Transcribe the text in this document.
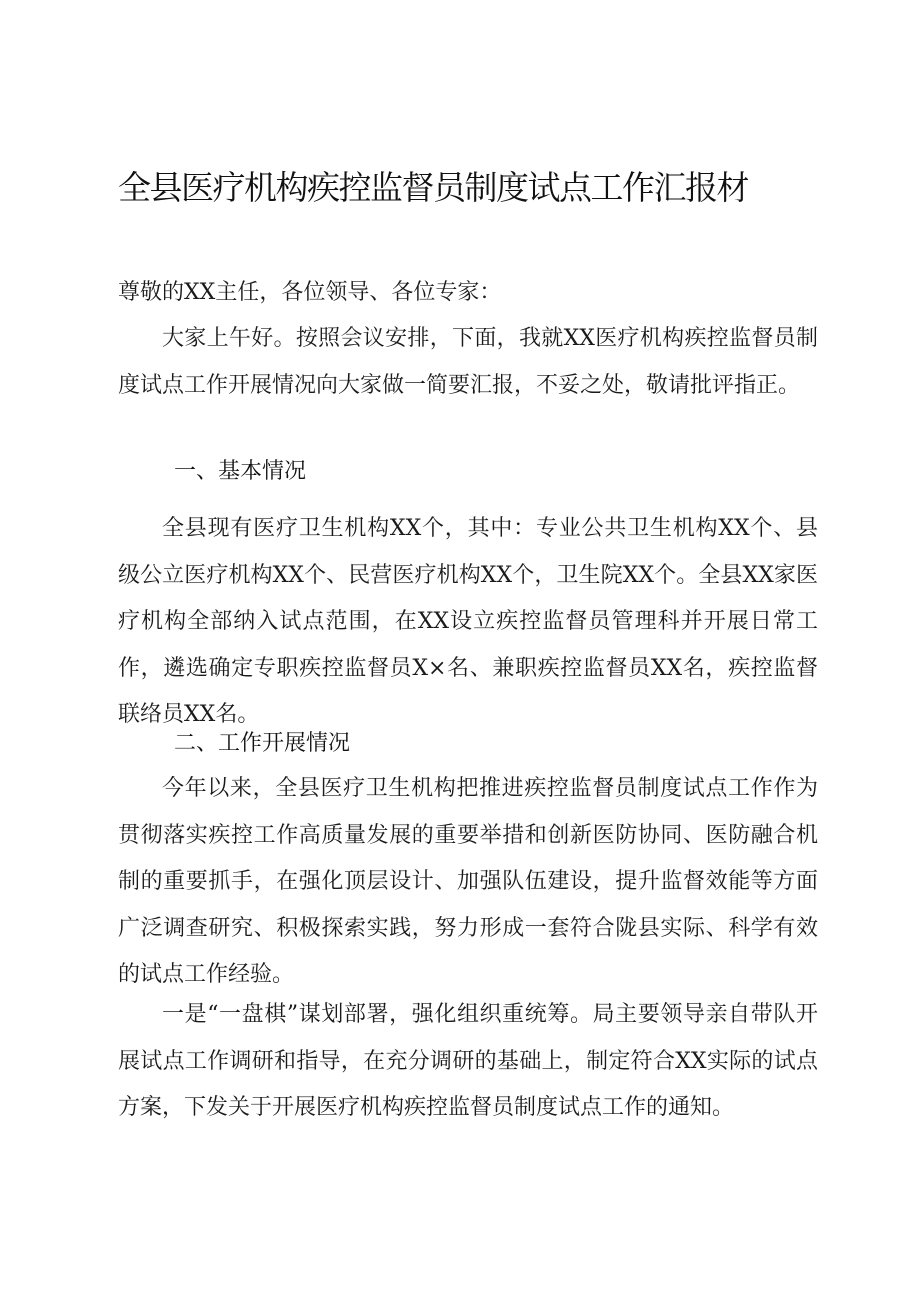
全县医疗机构疾控监督员制度试点工作汇报材
尊敬的XX主任，各位领导、各位专家：
大家上午好。按照会议安排，下面，我就XX医疗机构疾控监督员制度试点工作开展情况向大家做一简要汇报，不妥之处，敬请批评指正。
一、基本情况
全县现有医疗卫生机构XX个，其中：专业公共卫生机构XX个、县级公立医疗机构XX个、民营医疗机构XX个，卫生院XX个。全县XX家医疗机构全部纳入试点范围，在XX设立疾控监督员管理科并开展日常工作，遴选确定专职疾控监督员X×名、兼职疾控监督员XX名，疾控监督联络员XX名。
二、工作开展情况
今年以来，全县医疗卫生机构把推进疾控监督员制度试点工作作为贯彻落实疾控工作高质量发展的重要举措和创新医防协同、医防融合机制的重要抓手，在强化顶层设计、加强队伍建设，提升监督效能等方面广泛调查研究、积极探索实践，努力形成一套符合陇县实际、科学有效的试点工作经验。
一是“一盘棋”谋划部署，强化组织重统筹。局主要领导亲自带队开展试点工作调研和指导，在充分调研的基础上，制定符合XX实际的试点方案，下发关于开展医疗机构疾控监督员制度试点工作的通知。
